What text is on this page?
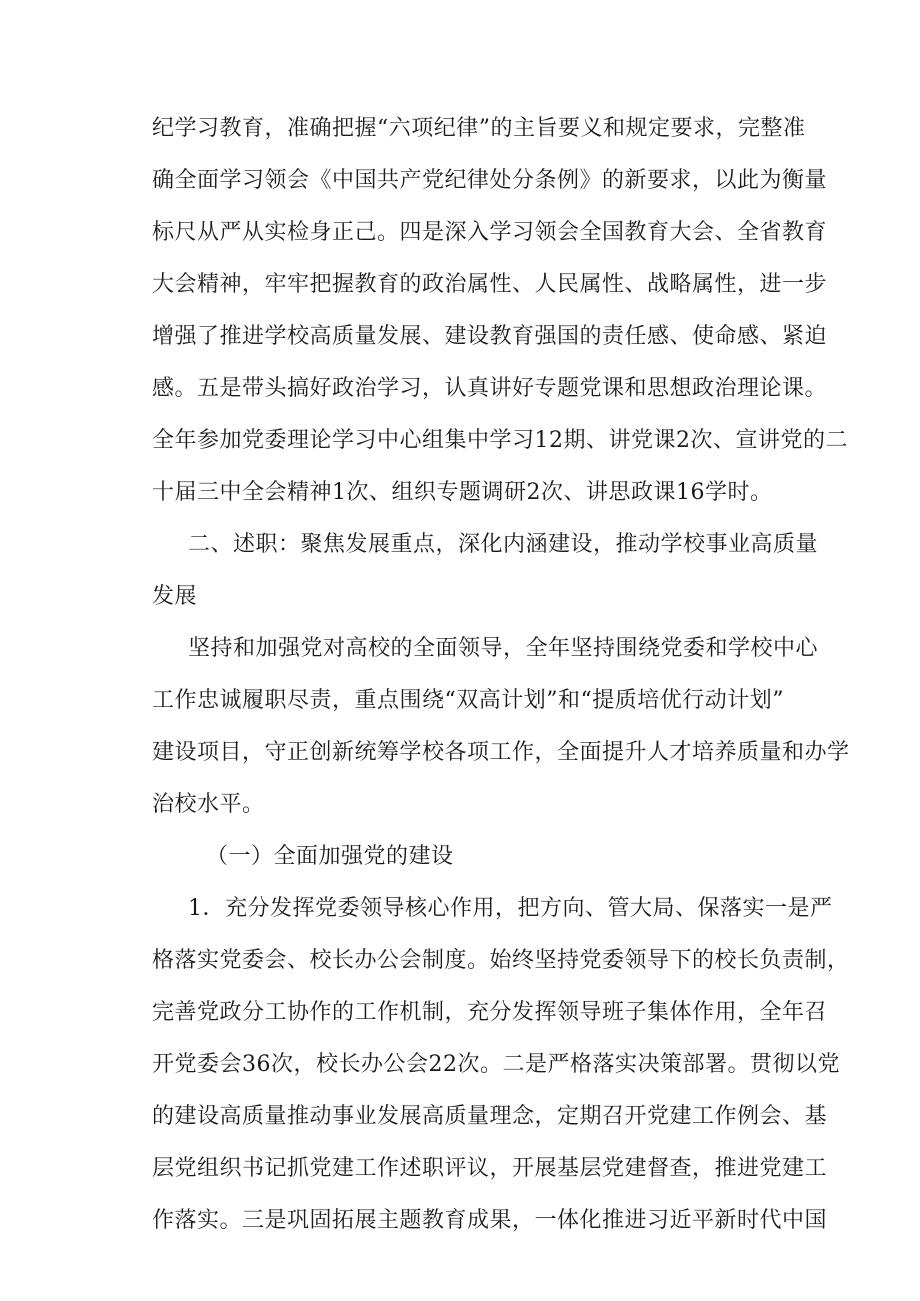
纪学习教育，准确把握“六项纪律”的主旨要义和规定要求，完整准
确全面学习领会《中国共产党纪律处分条例》的新要求，以此为衡量
标尺从严从实检身正己。四是深入学习领会全国教育大会、全省教育
大会精神，牢牢把握教育的政治属性、人民属性、战略属性，进一步
增强了推进学校高质量发展、建设教育强国的责任感、使命感、紧迫
感。五是带头搞好政治学习，认真讲好专题党课和思想政治理论课。
全年参加党委理论学习中心组集中学习12期、讲党课2次、宣讲党的二
十届三中全会精神1次、组织专题调研2次、讲思政课16学时。
二、述职：聚焦发展重点，深化内涵建设，推动学校事业高质量
发展
坚持和加强党对高校的全面领导，全年坚持围绕党委和学校中心
工作忠诚履职尽责，重点围绕“双高计划”和“提质培优行动计划”
建设项目，守正创新统筹学校各项工作，全面提升人才培养质量和办学
治校水平。
（一）全面加强党的建设
1．充分发挥党委领导核心作用，把方向、管大局、保落实一是严
格落实党委会、校长办公会制度。始终坚持党委领导下的校长负责制，
完善党政分工协作的工作机制，充分发挥领导班子集体作用，全年召
开党委会36次，校长办公会22次。二是严格落实决策部署。贯彻以党
的建设高质量推动事业发展高质量理念，定期召开党建工作例会、基
层党组织书记抓党建工作述职评议，开展基层党建督查，推进党建工
作落实。三是巩固拓展主题教育成果，一体化推进习近平新时代中国
